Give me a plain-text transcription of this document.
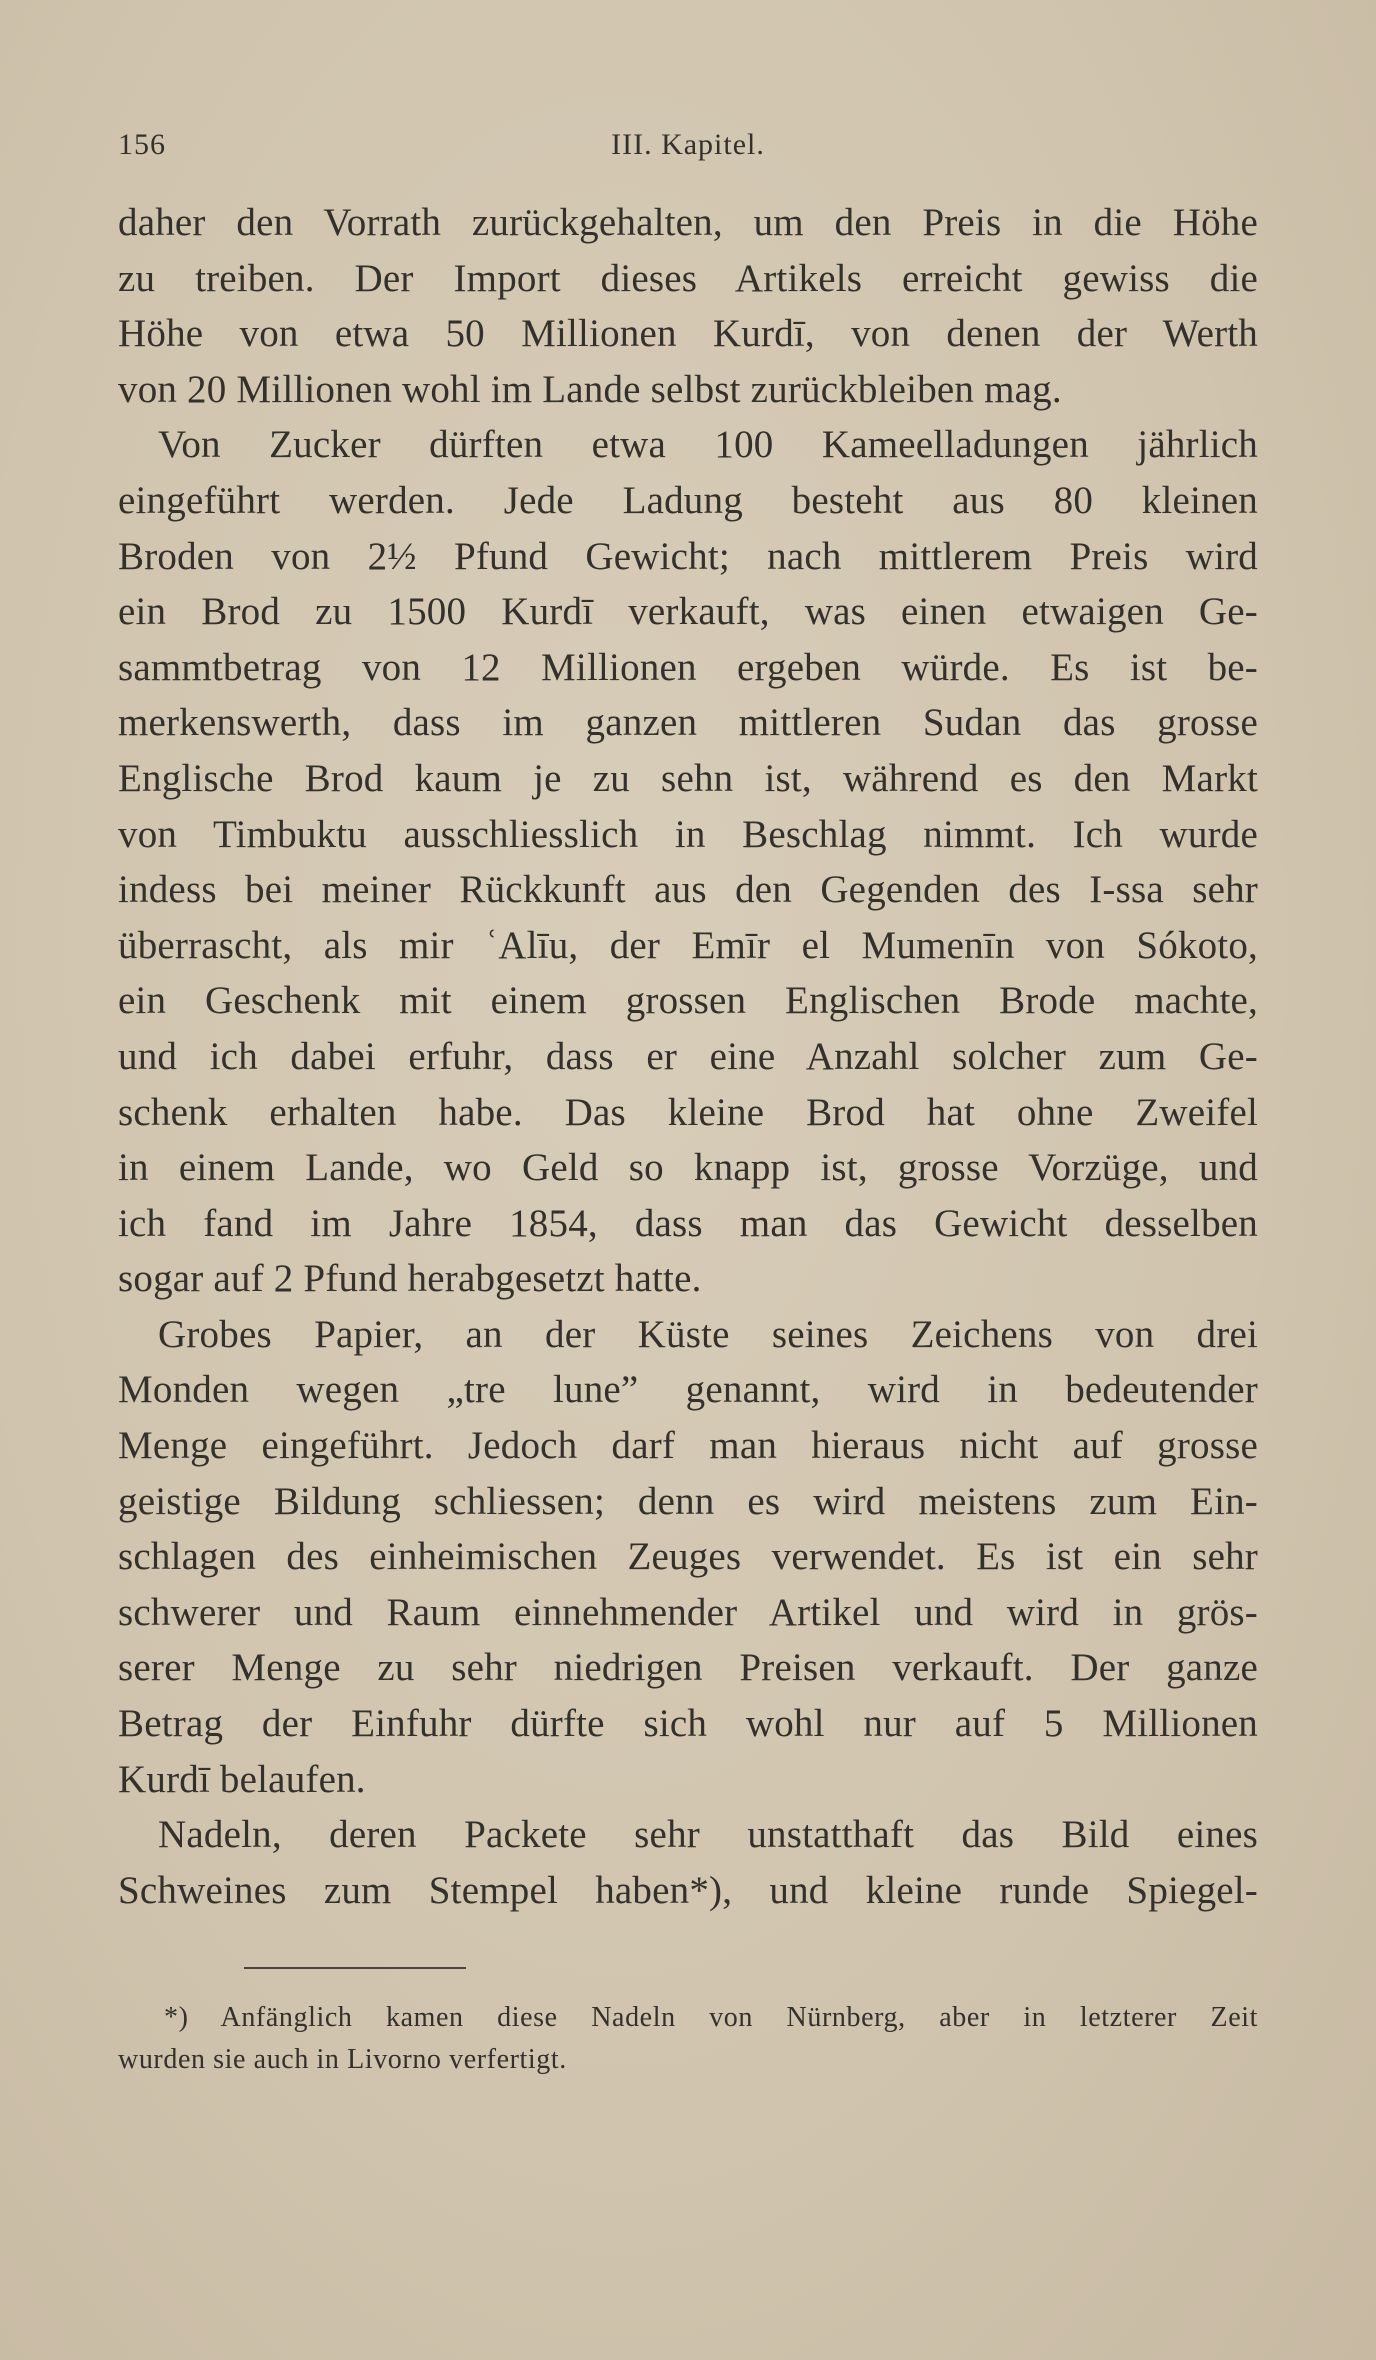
156	III. Kapitel.
daher den Vorrath zurückgehalten, um den Preis in die Höhe
zu treiben. Der Import dieses Artikels erreicht gewiss die
Höhe von etwa 50 Millionen Kurdī, von denen der Werth
von 20 Millionen wohl im Lande selbst zurückbleiben mag.
Von Zucker dürften etwa 100 Kameelladungen jährlich
eingeführt werden. Jede Ladung besteht aus 80 kleinen
Broden von 2½ Pfund Gewicht; nach mittlerem Preis wird
ein Brod zu 1500 Kurdī verkauft, was einen etwaigen Ge-
sammtbetrag von 12 Millionen ergeben würde. Es ist be-
merkenswerth, dass im ganzen mittleren Sudan das grosse
Englische Brod kaum je zu sehn ist, während es den Markt
von Timbuktu ausschliesslich in Beschlag nimmt. Ich wurde
indess bei meiner Rückkunft aus den Gegenden des I-ssa sehr
überrascht, als mir ʿAlīu, der Emīr el Mumenīn von Sókoto,
ein Geschenk mit einem grossen Englischen Brode machte,
und ich dabei erfuhr, dass er eine Anzahl solcher zum Ge-
schenk erhalten habe. Das kleine Brod hat ohne Zweifel
in einem Lande, wo Geld so knapp ist, grosse Vorzüge, und
ich fand im Jahre 1854, dass man das Gewicht desselben
sogar auf 2 Pfund herabgesetzt hatte.
Grobes Papier, an der Küste seines Zeichens von drei
Monden wegen „tre lune” genannt, wird in bedeutender
Menge eingeführt. Jedoch darf man hieraus nicht auf grosse
geistige Bildung schliessen; denn es wird meistens zum Ein-
schlagen des einheimischen Zeuges verwendet. Es ist ein sehr
schwerer und Raum einnehmender Artikel und wird in grös-
serer Menge zu sehr niedrigen Preisen verkauft. Der ganze
Betrag der Einfuhr dürfte sich wohl nur auf 5 Millionen
Kurdī belaufen.
Nadeln, deren Packete sehr unstatthaft das Bild eines
Schweines zum Stempel haben*), und kleine runde Spiegel-
*) Anfänglich kamen diese Nadeln von Nürnberg, aber in letzterer Zeit
wurden sie auch in Livorno verfertigt.
